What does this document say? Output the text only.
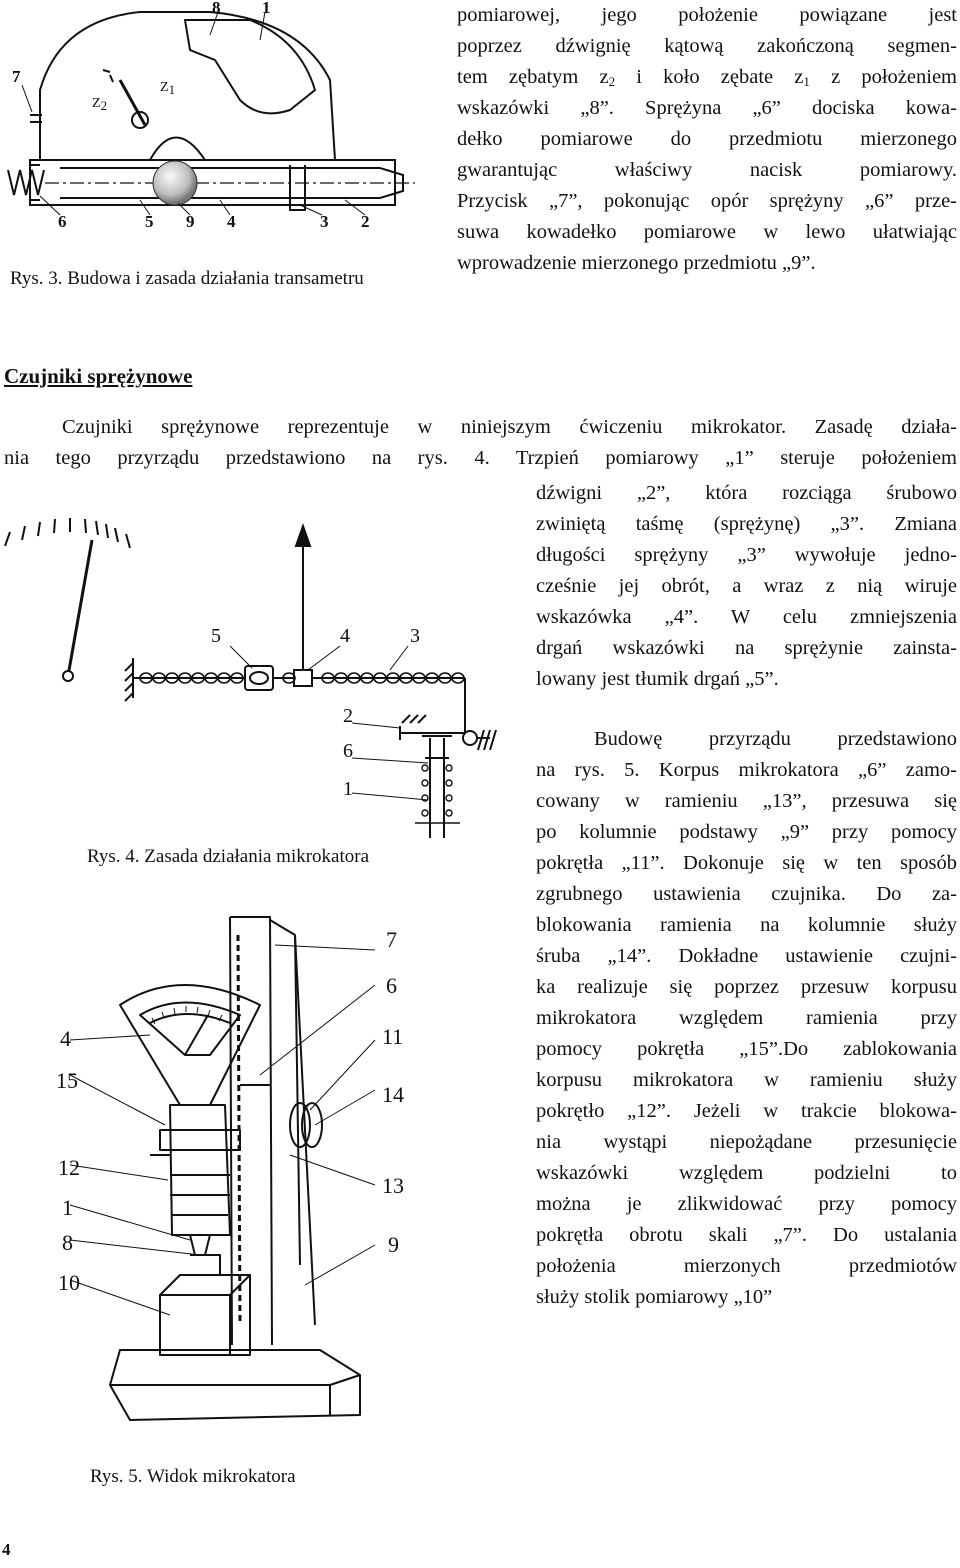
8 1
7
6	5 9 4	3 2
$Z_2$
$Z_1$
Rys. 3. Budowa i zasada działania transametru
pomiarowej, jego położenie powiązane jest
poprzez dźwignię kątową zakończoną segmen-
tem zębatym $z_2$ i koło zębate $z_1$ z położeniem
wskazówki „8”. Sprężyna „6” dociska kowa-
dełko pomiarowe do przedmiotu mierzonego
gwarantując właściwy nacisk pomiarowy.
Przycisk „7”, pokonując opór sprężyny „6” prze-
suwa kowadełko pomiarowe w lewo ułatwiając
wprowadzenie mierzonego przedmiotu „9”.
Czujniki sprężynowe
Czujniki sprężynowe reprezentuje w niniejszym ćwiczeniu mikrokator. Zasadę działa-
nia tego przyrządu przedstawiono na rys. 4. Trzpień pomiarowy „1” steruje położeniem
dźwigni „2”, która rozciąga śrubowo
zwiniętą taśmę (sprężynę) „3”. Zmiana
długości sprężyny „3” wywołuje jedno-
cześnie jej obrót, a wraz z nią wiruje
wskazówka „4”. W celu zmniejszenia
drgań wskazówki na sprężynie zainsta-
lowany jest tłumik drgań „5”.
5	4	3
2
6
1
Rys. 4. Zasada działania mikrokatora
Budowę przyrządu przedstawiono
na rys. 5. Korpus mikrokatora „6” zamo-
cowany w ramieniu „13”, przesuwa się
po kolumnie podstawy „9” przy pomocy
pokrętła „11”. Dokonuje się w ten sposób
zgrubnego ustawienia czujnika. Do za-
blokowania ramienia na kolumnie służy
śruba „14”. Dokładne ustawienie czujni-
ka realizuje się poprzez przesuw korpusu
mikrokatora względem ramienia przy
pomocy pokrętła „15”.Do zablokowania
korpusu mikrokatora w ramieniu służy
pokrętło „12”. Jeżeli w trakcie blokowa-
nia wystąpi niepożądane przesunięcie
wskazówki względem podzielni to
można je zlikwidować przy pomocy
pokrętła obrotu skali „7”. Do ustalania
położenia mierzonych przedmiotów
służy stolik pomiarowy „10”
4
15
12
1
8
10
7
6
11
14
13
9
Rys. 5. Widok mikrokatora
4
